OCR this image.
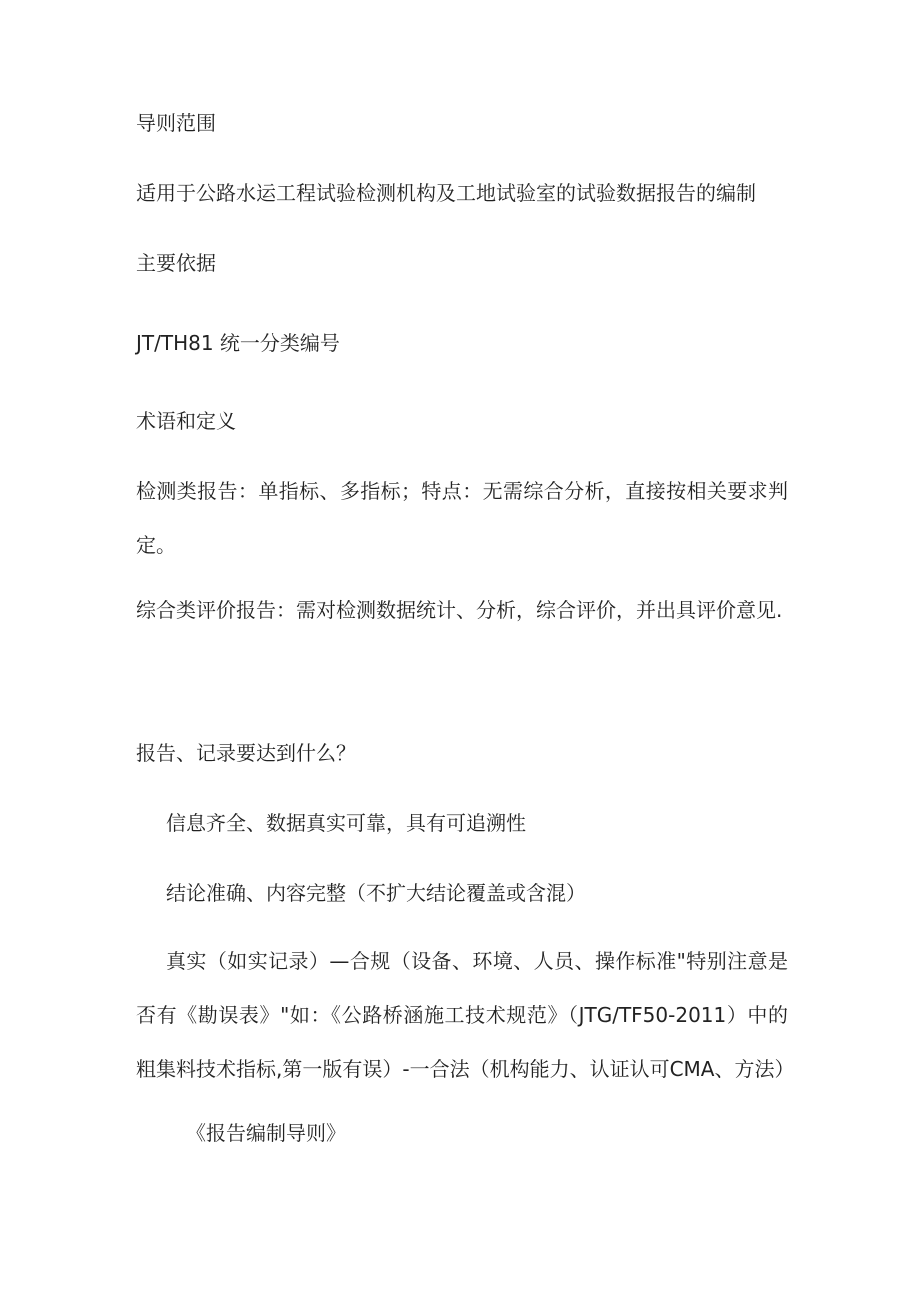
导则范围

适用于公路水运工程试验检测机构及工地试验室的试验数据报告的编制

主要依据

JT/TH81 统一分类编号

术语和定义

检测类报告：单指标、多指标；特点：无需综合分析，直接按相关要求判定。

综合类评价报告：需对检测数据统计、分析，综合评价，并出具评价意见.

报告、记录要达到什么？

信息齐全、数据真实可靠，具有可追溯性

结论准确、内容完整（不扩大结论覆盖或含混）

真实（如实记录）—合规（设备、环境、人员、操作标准"特别注意是否有《勘误表》"如：《公路桥涵施工技术规范》（JTG/TF50-2011）中的粗集料技术指标,第一版有误）-一合法（机构能力、认证认可CMA、方法）

《报告编制导则》
